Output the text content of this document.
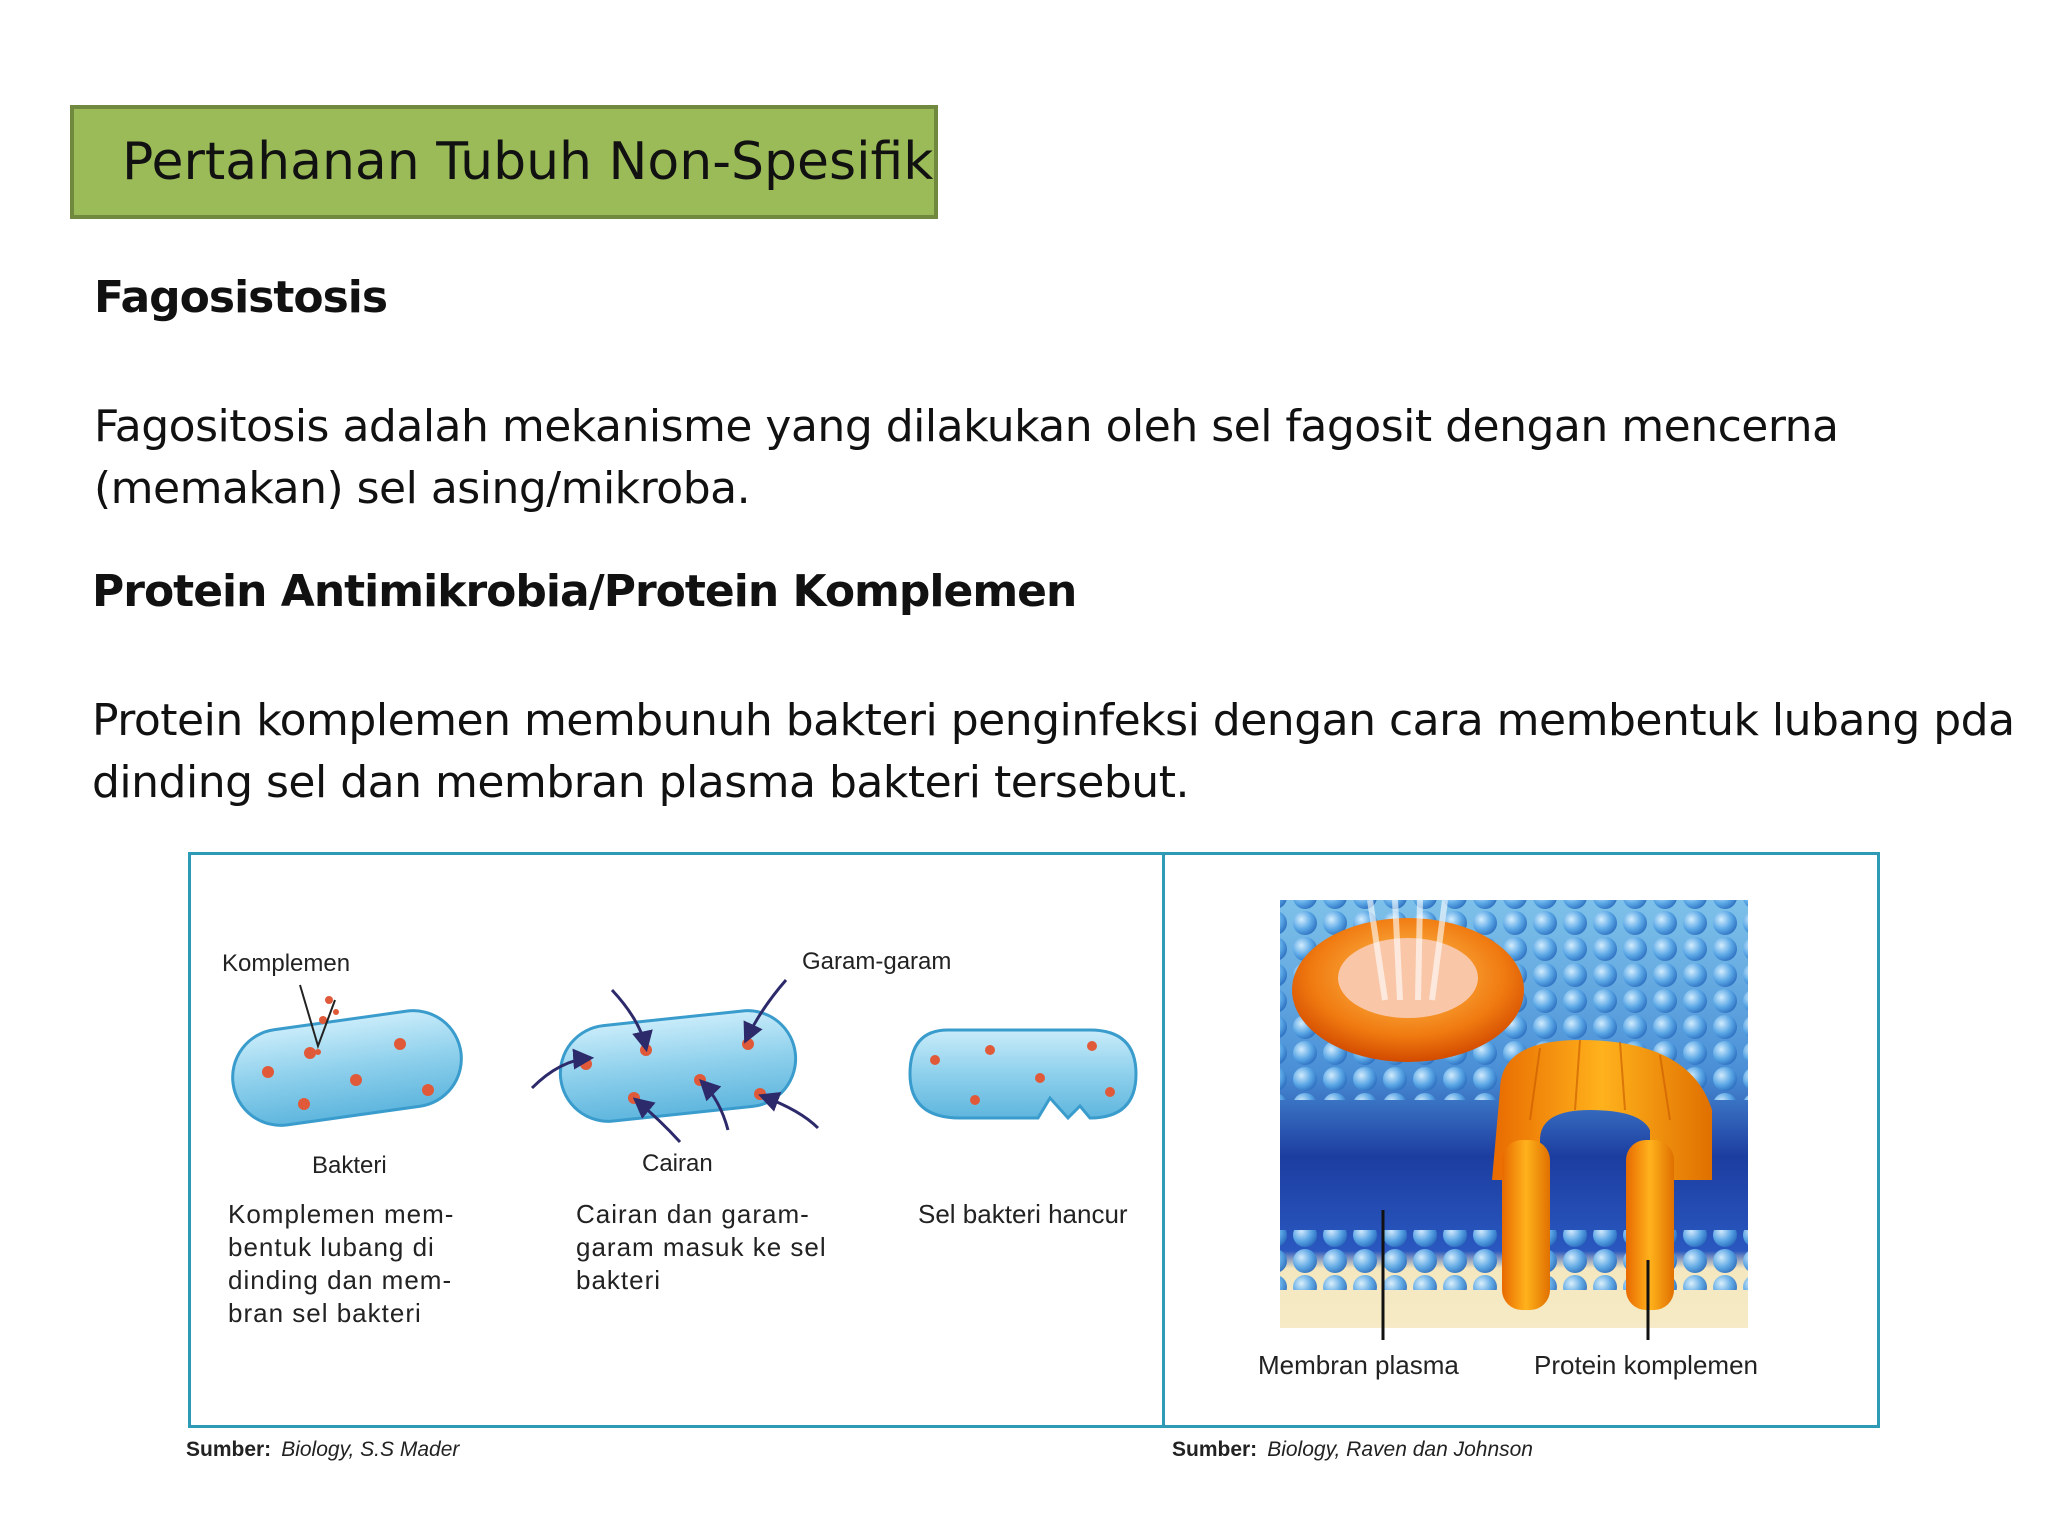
Pertahanan Tubuh Non-Spesifik
Fagosistosis
Fagositosis adalah mekanisme yang dilakukan oleh sel fagosit dengan mencerna (memakan) sel asing/mikroba.
Protein Antimikrobia/Protein Komplemen
Protein komplemen membunuh bakteri penginfeksi dengan cara membentuk lubang pda dinding sel dan membran plasma bakteri tersebut.
Komplemen	Garam-garam
Bakteri	Cairan
Komplemen mem-
bentuk lubang di
dinding dan mem-
bran sel bakteri
Cairan dan garam-
garam masuk ke sel
bakteri
Sel bakteri hancur
Membran plasma	Protein komplemen
Sumber: Biology, S.S Mader	Sumber: Biology, Raven dan Johnson
